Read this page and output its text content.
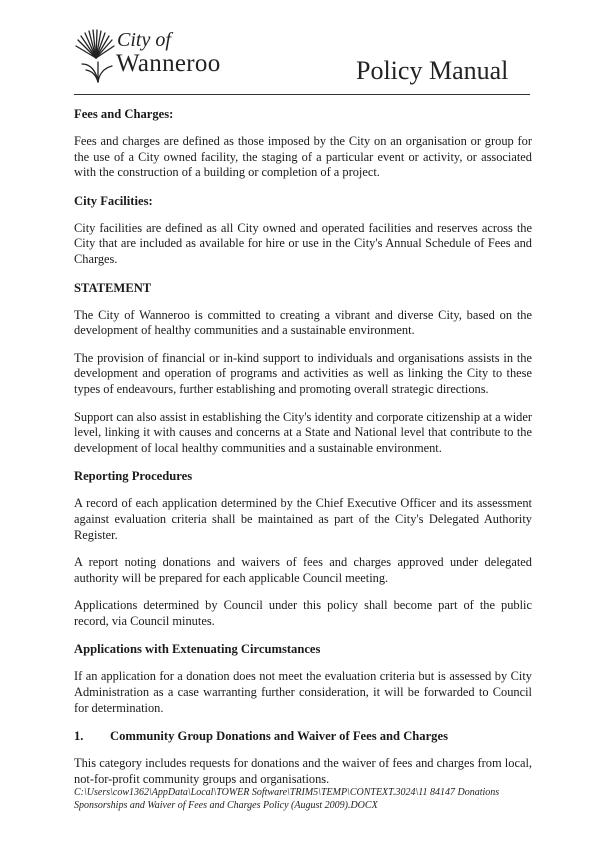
City of
Wanneroo	Policy Manual
Fees and Charges:

Fees and charges are defined as those imposed by the City on an organisation or group for the use of a City owned facility, the staging of a particular event or activity, or associated with the construction of a building or completion of a project.

City Facilities:

City facilities are defined as all City owned and operated facilities and reserves across the City that are included as available for hire or use in the City's Annual Schedule of Fees and Charges.

STATEMENT

The City of Wanneroo is committed to creating a vibrant and diverse City, based on the development of healthy communities and a sustainable environment.

The provision of financial or in-kind support to individuals and organisations assists in the development and operation of programs and activities as well as linking the City to these types of endeavours, further establishing and promoting overall strategic directions.

Support can also assist in establishing the City's identity and corporate citizenship at a wider level, linking it with causes and concerns at a State and National level that contribute to the development of local healthy communities and a sustainable environment.

Reporting Procedures

A record of each application determined by the Chief Executive Officer and its assessment against evaluation criteria shall be maintained as part of the City's Delegated Authority Register.

A report noting donations and waivers of fees and charges approved under delegated authority will be prepared for each applicable Council meeting.

Applications determined by Council under this policy shall become part of the public record, via Council minutes.

Applications with Extenuating Circumstances

If an application for a donation does not meet the evaluation criteria but is assessed by City Administration as a case warranting further consideration, it will be forwarded to Council for determination.

1.	Community Group Donations and Waiver of Fees and Charges

This category includes requests for donations and the waiver of fees and charges from local, not-for-profit community groups and organisations.

C:\Users\cow1362\AppData\Local\TOWER Software\TRIM5\TEMP\CONTEXT.3024\11 84147 Donations
Sponsorships and Waiver of Fees and Charges Policy (August 2009).DOCX
